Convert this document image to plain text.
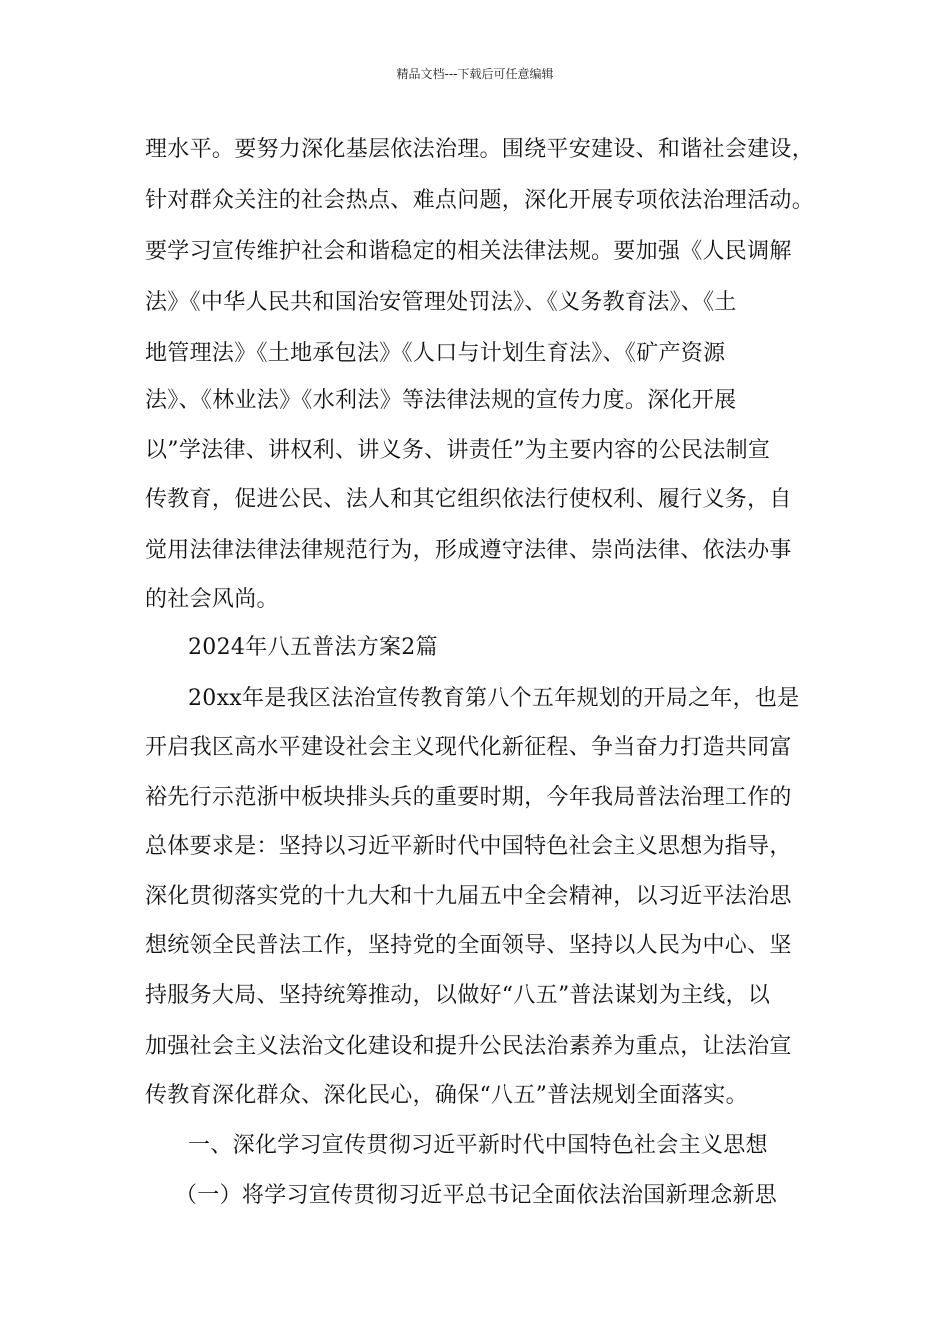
精品文档---下载后可任意编辑
理水平。要努力深化基层依法治理。围绕平安建设、和谐社会建设，
针对群众关注的社会热点、难点问题，深化开展专项依法治理活动。
要学习宣传维护社会和谐稳定的相关法律法规。要加强《人民调解
法》《中华人民共和国治安管理处罚法》、《义务教育法》、《土
地管理法》《土地承包法》《人口与计划生育法》、《矿产资源
法》、《林业法》《水利法》等法律法规的宣传力度。深化开展
以”学法律、讲权利、讲义务、讲责任”为主要内容的公民法制宣
传教育，促进公民、法人和其它组织依法行使权利、履行义务，自
觉用法律法律法律规范行为，形成遵守法律、崇尚法律、依法办事
的社会风尚。
2024年八五普法方案2篇
20xx年是我区法治宣传教育第八个五年规划的开局之年，也是
开启我区高水平建设社会主义现代化新征程、争当奋力打造共同富
裕先行示范浙中板块排头兵的重要时期，今年我局普法治理工作的
总体要求是：坚持以习近平新时代中国特色社会主义思想为指导，
深化贯彻落实党的十九大和十九届五中全会精神，以习近平法治思
想统领全民普法工作，坚持党的全面领导、坚持以人民为中心、坚
持服务大局、坚持统筹推动，以做好“八五”普法谋划为主线，以
加强社会主义法治文化建设和提升公民法治素养为重点，让法治宣
传教育深化群众、深化民心，确保“八五”普法规划全面落实。
一、深化学习宣传贯彻习近平新时代中国特色社会主义思想
（一）将学习宣传贯彻习近平总书记全面依法治国新理念新思
